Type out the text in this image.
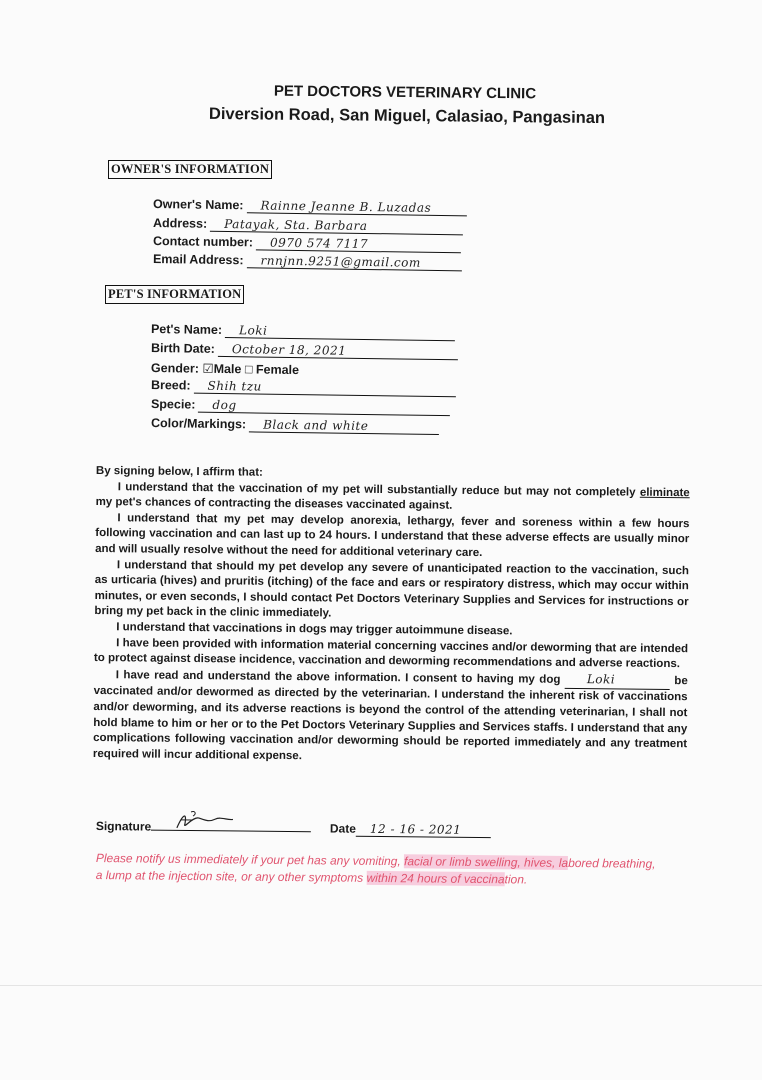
PET DOCTORS VETERINARY CLINIC
Diversion Road, San Miguel, Calasiao, Pangasinan
OWNER'S INFORMATION
Owner's Name: Rainne Jeanne B. Luzadas
Address: Patayak, Sta. Barbara
Contact number: 0970 574 7117
Email Address: rnnjnn.9251@gmail.com
PET'S INFORMATION
Pet's Name: Loki
Birth Date: October 18, 2021
Gender: ☑Male □ Female
Breed: Shih tzu
Specie: dog
Color/Markings: Black and white

By signing below, I affirm that:

I understand that the vaccination of my pet will substantially reduce but may not completely eliminate my pet's chances of contracting the diseases vaccinated against.

I understand that my pet may develop anorexia, lethargy, fever and soreness within a few hours following vaccination and can last up to 24 hours. I understand that these adverse effects are usually minor and will usually resolve without the need for additional veterinary care.

I understand that should my pet develop any severe of unanticipated reaction to the vaccination, such as urticaria (hives) and pruritis (itching) of the face and ears or respiratory distress, which may occur within minutes, or even seconds, I should contact Pet Doctors Veterinary Supplies and Services for instructions or bring my pet back in the clinic immediately.

I understand that vaccinations in dogs may trigger autoimmune disease.

I have been provided with information material concerning vaccines and/or deworming that are intended to protect against disease incidence, vaccination and deworming recommendations and adverse reactions.

I have read and understand the above information. I consent to having my dog Loki	be vaccinated and/or dewormed as directed by the veterinarian. I understand the inherent risk of vaccinations and/or deworming, and its adverse reactions is beyond the control of the attending veterinarian, I shall not hold blame to him or her or to the Pet Doctors Veterinary Supplies and Services staffs. I understand that any complications following vaccination and/or deworming should be reported immediately and any treatment required will incur additional expense.

Signature	Date 12 - 16 - 2021
Please notify us immediately if your pet has any vomiting, facial or limb swelling, hives, labored breathing, a lump at the injection site, or any other symptoms within 24 hours of vaccination.
